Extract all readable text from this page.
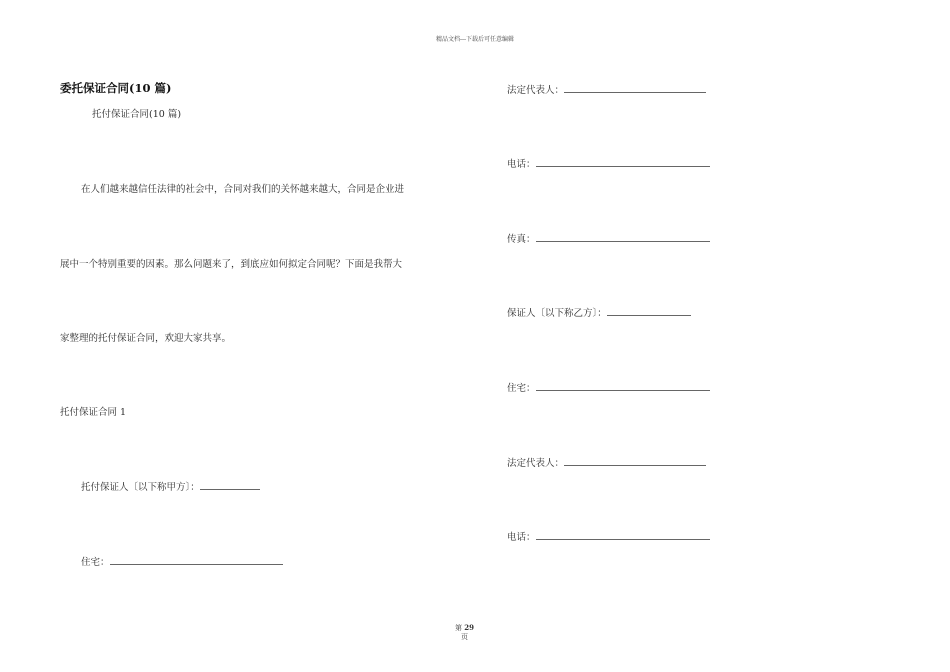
精品文档---下载后可任意编辑
委托保证合同(10 篇)
托付保证合同(10 篇)
在人们越来越信任法律的社会中，合同对我们的关怀越来越大，合同是企业进
展中一个特别重要的因素。那么问题来了，到底应如何拟定合同呢？下面是我帮大
家整理的托付保证合同，欢迎大家共享。
托付保证合同 1
托付保证人〔以下称甲方〕：
住宅：
法定代表人：
电话：
传真：
保证人〔以下称乙方〕：
住宅：
法定代表人：
电话：
第 29
页
